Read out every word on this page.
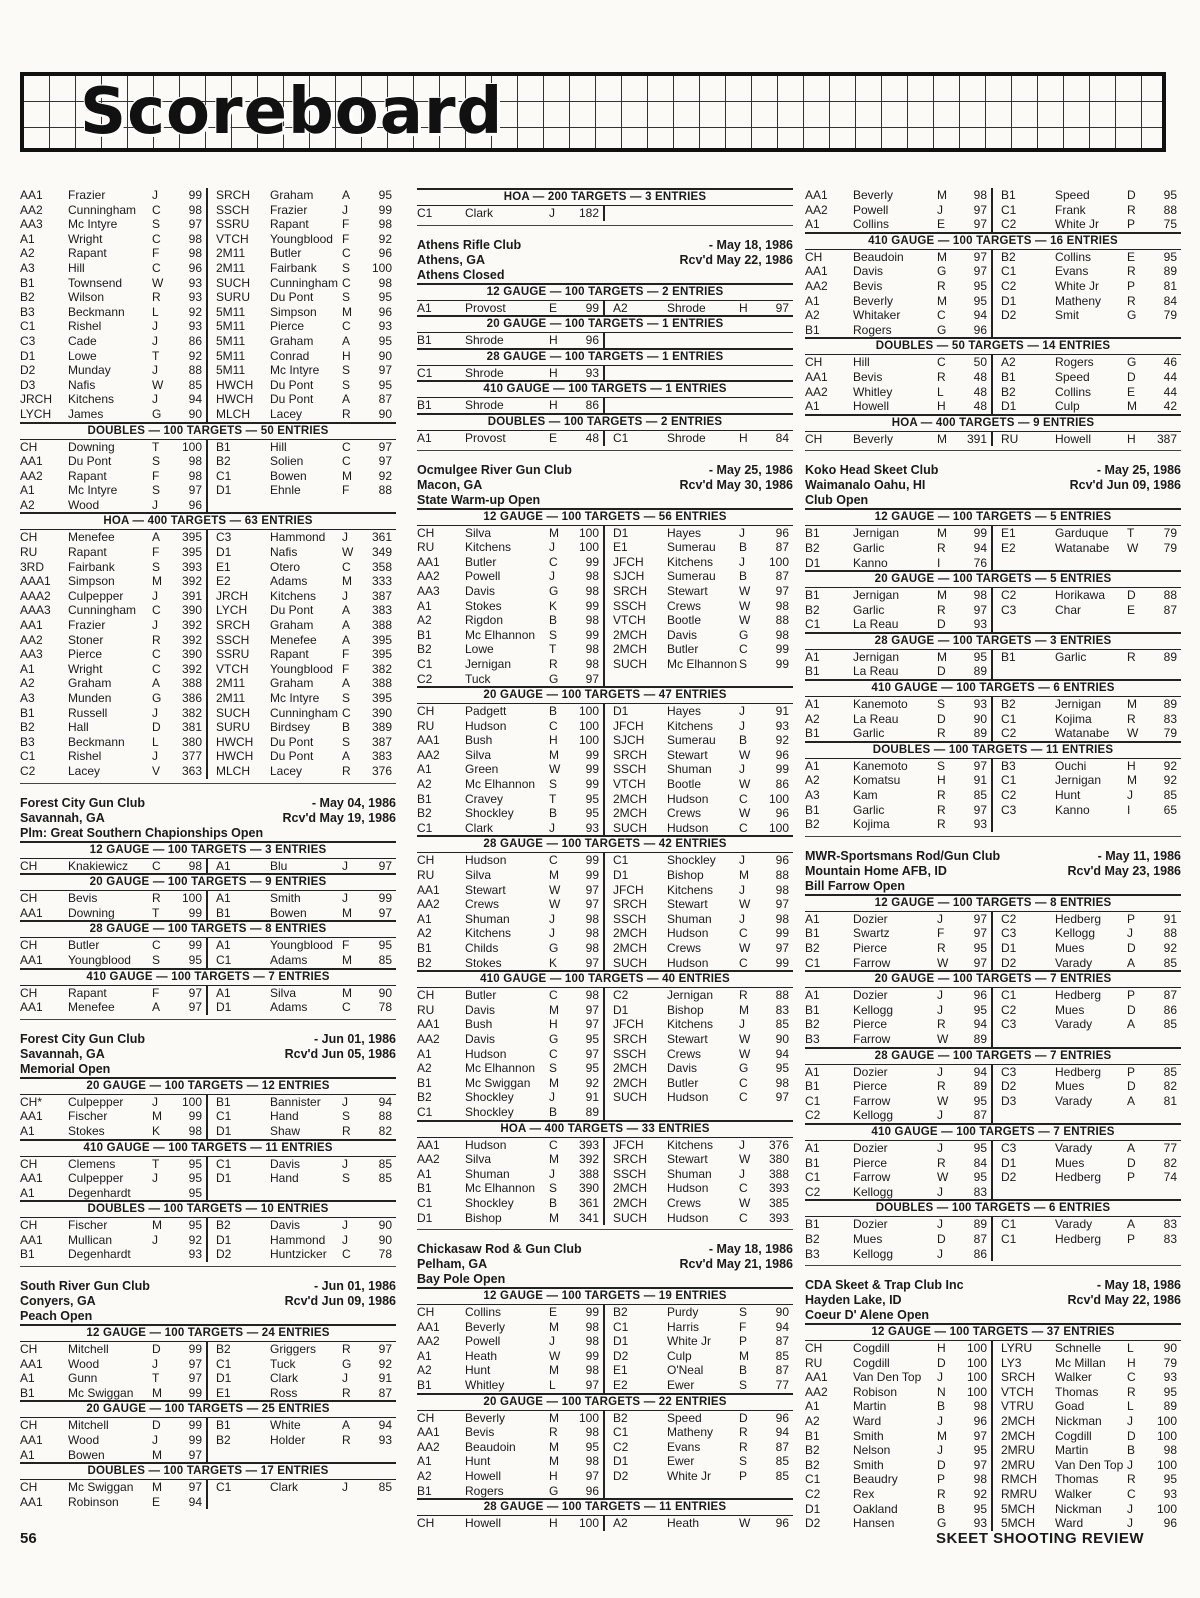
Scoreboard
AA1	Frazier	J	99	SRCH	Graham	A	95
AA2	Cunningham	C	98	SSCH	Frazier	J	99
AA3	Mc Intyre	S	97	SSRU	Rapant	F	98
A1	Wright	C	98	VTCH	Youngblood F	92
A2	Rapant	F	98	2M11	Butler	C	96
A3	Hill	C	96	2M11	Fairbank	S	100
B1	Townsend	W	93	SUCH	Cunningham C	98
B2	Wilson	R	93	SURU	Du Pont	S	95
B3	Beckmann	L	92	5M11	Simpson	M	96
C1	Rishel	J	93	5M11	Pierce	C	93
C3	Cade	J	86	5M11	Graham	A	95
D1	Lowe	T	92	5M11	Conrad	H	90
D2	Munday	J	88	5M11	Mc Intyre	S	97
D3	Nafis	W	85	HWCH	Du Pont	S	95
JRCH	Kitchens	J	94	HWCH	Du Pont	A	87
LYCH	James	G	90	MLCH	Lacey	R	90
DOUBLES — 100 TARGETS — 50 ENTRIES
CH	Downing	T	100	B1	Hill	C	97
AA1	Du Pont	S	98	B2	Solien	C	97
AA2	Rapant	F	98	C1	Bowen	M	92
A1	Mc Intyre	S	97	D1	Ehnle	F	88
A2	Wood	J	96
HOA — 400 TARGETS — 63 ENTRIES
CH	Menefee	A	395	C3	Hammond	J	361
RU	Rapant	F	395	D1	Nafis	W	349
3RD	Fairbank	S	393	E1	Otero	C	358
AAA1	Simpson	M	392	E2	Adams	M	333
AAA2	Culpepper	J	391	JRCH	Kitchens	J	387
AAA3	Cunningham	C	390	LYCH	Du Pont	A	383
AA1	Frazier	J	392	SRCH	Graham	A	388
AA2	Stoner	R	392	SSCH	Menefee	A	395
AA3	Pierce	C	390	SSRU	Rapant	F	395
A1	Wright	C	392	VTCH	Youngblood F	382
A2	Graham	A	388	2M11	Graham	A	388
A3	Munden	G	386	2M11	Mc Intyre	S	395
B1	Russell	J	382	SUCH	Cunningham C	390
B2	Hall	D	381	SURU	Birdsey	B	389
B3	Beckmann	L	380	HWCH	Du Pont	S	387
C1	Rishel	J	377	HWCH	Du Pont	A	383
C2	Lacey	V	363	MLCH	Lacey	R	376
Forest City Gun Club	- May 04, 1986
Savannah, GA	Rcv'd May 19, 1986
Plm: Great Southern Chapionships Open
12 GAUGE — 100 TARGETS — 3 ENTRIES
CH	Knakiewicz	C	98	A1	Blu	J	97
20 GAUGE — 100 TARGETS — 9 ENTRIES
CH	Bevis	R	100	A1	Smith	J	99
AA1	Downing	T	99	B1	Bowen	M	97
28 GAUGE — 100 TARGETS — 8 ENTRIES
CH	Butler	C	99	A1	Youngblood F	95
AA1	Youngblood	S	95	C1	Adams	M	85
410 GAUGE — 100 TARGETS — 7 ENTRIES
CH	Rapant	F	97	A1	Silva	M	90
AA1	Menefee	A	97	D1	Adams	C	78
Forest City Gun Club	- Jun 01, 1986
Savannah, GA	Rcv'd Jun 05, 1986
Memorial Open
20 GAUGE — 100 TARGETS — 12 ENTRIES
CH*	Culpepper	J	100	B1	Bannister	J	94
AA1	Fischer	M	99	C1	Hand	S	88
A1	Stokes	K	98	D1	Shaw	R	82
410 GAUGE — 100 TARGETS — 11 ENTRIES
CH	Clemens	T	95	C1	Davis	J	85
AA1	Culpepper	J	95	D1	Hand	S	85
A1	Degenhardt	95
DOUBLES — 100 TARGETS — 10 ENTRIES
CH	Fischer	M	95	B2	Davis	J	90
AA1	Mullican	J	92	D1	Hammond	J	90
B1	Degenhardt	93	D2	Huntzicker	C	78
South River Gun Club	- Jun 01, 1986
Conyers, GA	Rcv'd Jun 09, 1986
Peach Open
12 GAUGE — 100 TARGETS — 24 ENTRIES
CH	Mitchell	D	99	B2	Griggers	R	97
AA1	Wood	J	97	C1	Tuck	G	92
A1	Gunn	T	97	D1	Clark	J	91
B1	Mc Swiggan	M	99	E1	Ross	R	87
20 GAUGE — 100 TARGETS — 25 ENTRIES
CH	Mitchell	D	99	B1	White	A	94
AA1	Wood	J	99	B2	Holder	R	93
A1	Bowen	M	97
DOUBLES — 100 TARGETS — 17 ENTRIES
CH	Mc Swiggan	M	97	C1	Clark	J	85
AA1	Robinson	E	94
HOA — 200 TARGETS — 3 ENTRIES
C1	Clark	J	182
Athens Rifle Club	- May 18, 1986
Athens, GA	Rcv'd May 22, 1986
Athens Closed
12 GAUGE — 100 TARGETS — 2 ENTRIES
A1	Provost	E	99	A2	Shrode	H	97
20 GAUGE — 100 TARGETS — 1 ENTRIES
B1	Shrode	H	96
28 GAUGE — 100 TARGETS — 1 ENTRIES
C1	Shrode	H	93
410 GAUGE — 100 TARGETS — 1 ENTRIES
B1	Shrode	H	86
DOUBLES — 100 TARGETS — 2 ENTRIES
A1	Provost	E	48	C1	Shrode	H	84
Ocmulgee River Gun Club	- May 25, 1986
Macon, GA	Rcv'd May 30, 1986
State Warm-up Open
12 GAUGE — 100 TARGETS — 56 ENTRIES
CH	Silva	M	100	D1	Hayes	J	96
RU	Kitchens	J	100	E1	Sumerau	B	87
AA1	Butler	C	99	JFCH	Kitchens	J	100
AA2	Powell	J	98	SJCH	Sumerau	B	87
AA3	Davis	G	98	SRCH	Stewart	W	97
A1	Stokes	K	99	SSCH	Crews	W	98
A2	Rigdon	B	98	VTCH	Bootle	W	88
B1	Mc Elhannon	S	99	2MCH	Davis	G	98
B2	Lowe	T	98	2MCH	Butler	C	99
C1	Jernigan	R	98	SUCH	Mc Elhannon S	99
C2	Tuck	G	97
20 GAUGE — 100 TARGETS — 47 ENTRIES
CH	Padgett	B	100	D1	Hayes	J	91
RU	Hudson	C	100	JFCH	Kitchens	J	93
AA1	Bush	H	100	SJCH	Sumerau	B	92
AA2	Silva	M	99	SRCH	Stewart	W	96
A1	Green	W	99	SSCH	Shuman	J	99
A2	Mc Elhannon	S	99	VTCH	Bootle	W	86
B1	Cravey	T	95	2MCH	Hudson	C	100
B2	Shockley	B	95	2MCH	Crews	W	96
C1	Clark	J	93	SUCH	Hudson	C	100
28 GAUGE — 100 TARGETS — 42 ENTRIES
CH	Hudson	C	99	C1	Shockley	J	96
RU	Silva	M	99	D1	Bishop	M	88
AA1	Stewart	W	97	JFCH	Kitchens	J	98
AA2	Crews	W	97	SRCH	Stewart	W	97
A1	Shuman	J	98	SSCH	Shuman	J	98
A2	Kitchens	J	98	2MCH	Hudson	C	99
B1	Childs	G	98	2MCH	Crews	W	97
B2	Stokes	K	97	SUCH	Hudson	C	99
410 GAUGE — 100 TARGETS — 40 ENTRIES
CH	Butler	C	98	C2	Jernigan	R	88
RU	Davis	M	97	D1	Bishop	M	83
AA1	Bush	H	97	JFCH	Kitchens	J	85
AA2	Davis	G	95	SRCH	Stewart	W	90
A1	Hudson	C	97	SSCH	Crews	W	94
A2	Mc Elhannon	S	95	2MCH	Davis	G	95
B1	Mc Swiggan	M	92	2MCH	Butler	C	98
B2	Shockley	J	91	SUCH	Hudson	C	97
C1	Shockley	B	89
HOA — 400 TARGETS — 33 ENTRIES
AA1	Hudson	C	393	JFCH	Kitchens	J	376
AA2	Silva	M	392	SRCH	Stewart	W	380
A1	Shuman	J	388	SSCH	Shuman	J	388
B1	Mc Elhannon	S	390	2MCH	Hudson	C	393
C1	Shockley	B	361	2MCH	Crews	W	385
D1	Bishop	M	341	SUCH	Hudson	C	393
Chickasaw Rod & Gun Club	- May 18, 1986
Pelham, GA	Rcv'd May 21, 1986
Bay Pole Open
12 GAUGE — 100 TARGETS — 19 ENTRIES
CH	Collins	E	99	B2	Purdy	S	90
AA1	Beverly	M	98	C1	Harris	F	94
AA2	Powell	J	98	D1	White Jr	P	87
A1	Heath	W	99	D2	Culp	M	85
A2	Hunt	M	98	E1	O'Neal	B	87
B1	Whitley	L	97	E2	Ewer	S	77
20 GAUGE — 100 TARGETS — 22 ENTRIES
CH	Beverly	M	100	B2	Speed	D	96
AA1	Bevis	R	98	C1	Matheny	R	94
AA2	Beaudoin	M	95	C2	Evans	R	87
A1	Hunt	M	98	D1	Ewer	S	85
A2	Howell	H	97	D2	White Jr	P	85
B1	Rogers	G	96
28 GAUGE — 100 TARGETS — 11 ENTRIES
CH	Howell	H	100	A2	Heath	W	96
AA1	Beverly	M	98	B1	Speed	D	95
AA2	Powell	J	97	C1	Frank	R	88
A1	Collins	E	97	C2	White Jr	P	75
410 GAUGE — 100 TARGETS — 16 ENTRIES
CH	Beaudoin	M	97	B2	Collins	E	95
AA1	Davis	G	97	C1	Evans	R	89
AA2	Bevis	R	95	C2	White Jr	P	81
A1	Beverly	M	95	D1	Matheny	R	84
A2	Whitaker	C	94	D2	Smit	G	79
B1	Rogers	G	96
DOUBLES — 50 TARGETS — 14 ENTRIES
CH	Hill	C	50	A2	Rogers	G	46
AA1	Bevis	R	48	B1	Speed	D	44
AA2	Whitley	L	48	B2	Collins	E	44
A1	Howell	H	48	D1	Culp	M	42
HOA — 400 TARGETS — 9 ENTRIES
CH	Beverly	M	391	RU	Howell	H	387
Koko Head Skeet Club	- May 25, 1986
Waimanalo Oahu, HI	Rcv'd Jun 09, 1986
Club Open
12 GAUGE — 100 TARGETS — 5 ENTRIES
B1	Jernigan	M	99	E1	Garduque	T	79
B2	Garlic	R	94	E2	Watanabe	W	79
D1	Kanno	I	76
20 GAUGE — 100 TARGETS — 5 ENTRIES
B1	Jernigan	M	98	C2	Horikawa	D	88
B2	Garlic	R	97	C3	Char	E	87
C1	La Reau	D	93
28 GAUGE — 100 TARGETS — 3 ENTRIES
A1	Jernigan	M	95	B1	Garlic	R	89
B1	La Reau	D	89
410 GAUGE — 100 TARGETS — 6 ENTRIES
A1	Kanemoto	S	93	B2	Jernigan	M	89
A2	La Reau	D	90	C1	Kojima	R	83
B1	Garlic	R	89	C2	Watanabe	W	79
DOUBLES — 100 TARGETS — 11 ENTRIES
A1	Kanemoto	S	97	B3	Ouchi	H	92
A2	Komatsu	H	91	C1	Jernigan	M	92
A3	Kam	R	85	C2	Hunt	J	85
B1	Garlic	R	97	C3	Kanno	I	65
B2	Kojima	R	93
MWR-Sportsmans Rod/Gun Club	- May 11, 1986
Mountain Home AFB, ID	Rcv'd May 23, 1986
Bill Farrow Open
12 GAUGE — 100 TARGETS — 8 ENTRIES
A1	Dozier	J	97	C2	Hedberg	P	91
B1	Swartz	F	97	C3	Kellogg	J	88
B2	Pierce	R	95	D1	Mues	D	92
C1	Farrow	W	97	D2	Varady	A	85
20 GAUGE — 100 TARGETS — 7 ENTRIES
A1	Dozier	J	96	C1	Hedberg	P	87
B1	Kellogg	J	95	C2	Mues	D	86
B2	Pierce	R	94	C3	Varady	A	85
B3	Farrow	W	89
28 GAUGE — 100 TARGETS — 7 ENTRIES
A1	Dozier	J	94	C3	Hedberg	P	85
B1	Pierce	R	89	D2	Mues	D	82
C1	Farrow	W	95	D3	Varady	A	81
C2	Kellogg	J	87
410 GAUGE — 100 TARGETS — 7 ENTRIES
A1	Dozier	J	95	C3	Varady	A	77
B1	Pierce	R	84	D1	Mues	D	82
C1	Farrow	W	95	D2	Hedberg	P	74
C2	Kellogg	J	83
DOUBLES — 100 TARGETS — 6 ENTRIES
B1	Dozier	J	89	C1	Varady	A	83
B2	Mues	D	87	C1	Hedberg	P	83
B3	Kellogg	J	86
CDA Skeet & Trap Club Inc	- May 18, 1986
Hayden Lake, ID	Rcv'd May 22, 1986
Coeur D' Alene Open
12 GAUGE — 100 TARGETS — 37 ENTRIES
CH	Cogdill	H	100	LYRU	Schnelle	L	90
RU	Cogdill	D	100	LY3	Mc Millan	H	79
AA1	Van Den Top	J	100	SRCH	Walker	C	93
AA2	Robison	N	100	VTCH	Thomas	R	95
A1	Martin	B	98	VTRU	Goad	L	89
A2	Ward	J	96	2MCH	Nickman	J	100
B1	Smith	M	97	2MCH	Cogdill	D	100
B2	Nelson	J	95	2MRU	Martin	B	98
B2	Smith	D	97	2MRU	Van Den Top J	100
C1	Beaudry	P	98	RMCH	Thomas	R	95
C2	Rex	R	92	RMRU	Walker	C	93
D1	Oakland	B	95	5MCH	Nickman	J	100
D2	Hansen	G	93	5MCH	Ward	J	96
56	SKEET SHOOTING REVIEW
